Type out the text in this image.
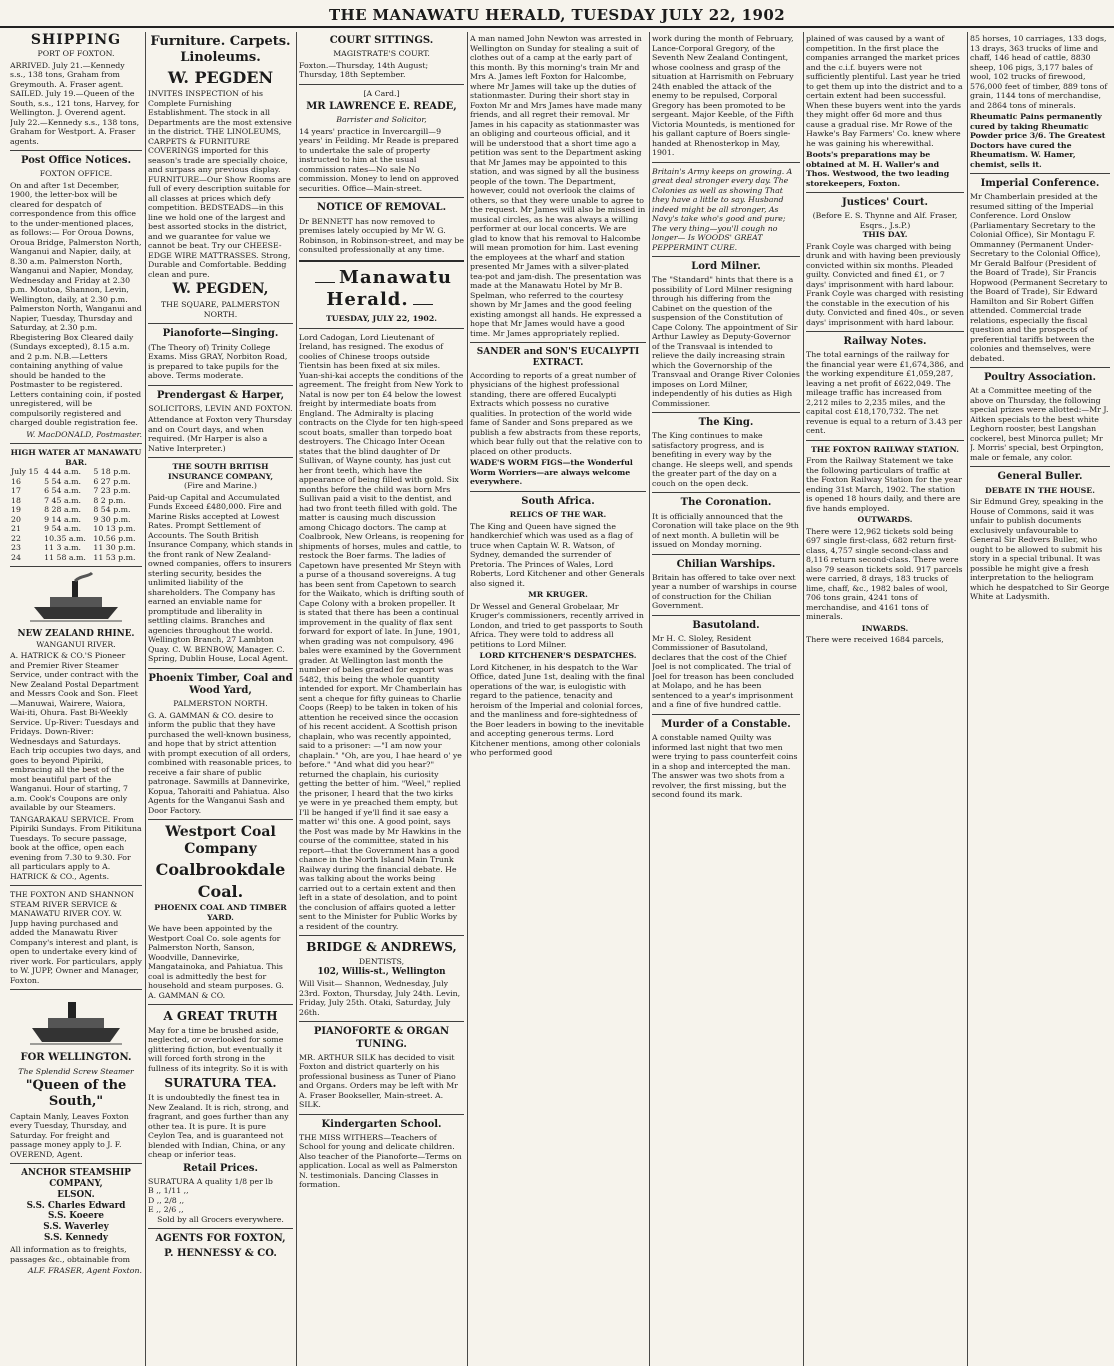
THE MANAWATU HERALD, TUESDAY JULY 22, 1902
SHIPPING
PORT OF FOXTON.

ARRIVED. July 21.—Kennedy s.s., 138 tons, Graham from Greymouth. A. Fraser agent. SAILED. July 19.—Queen of the South, s.s., 121 tons, Harvey, for Wellington. J. Overend agent. July 22.—Kennedy s.s., 138 tons, Graham for Westport. A. Fraser agents.

Post Office Notices.
FOXTON OFFICE.

On and after 1st December, 1900, the letter-box will be cleared for despatch of correspondence from this office to the under-mentioned places, as follows:— For Oroua Downs, Oroua Bridge, Palmerston North, Wanganui and Napier, daily, at 8.30 a.m. Palmerston North, Wanganui and Napier, Monday, Wednesday and Friday at 2.30 p.m. Moutoa, Shannon, Levin, Wellington, daily, at 2.30 p.m. Palmerston North, Wanganui and Napier, Tuesday, Thursday and Saturday, at 2.30 p.m. Rbegistering Box Cleared daily (Sundays excepted), 8.15 a.m. and 2 p.m. N.B.—Letters containing anything of value should be handed to the Postmaster to be registered. Letters containing coin, if posted unregistered, will be compulsorily registered and charged double registration fee.

W. MacDONALD, Postmaster.
HIGH WATER AT MANAWATU BAR.
July 15	4 44 a.m.	5 18 p.m.
16	5 54 a.m.	6 27 p.m.
17	6 54 a.m.	7 23 p.m.
18	7 45 a.m.	8 2 p.m.
19	8 28 a.m.	8 54 p.m.
20	9 14 a.m.	9 30 p.m.
21	9 54 a.m.	10 13 p.m.
22	10.35 a.m.	10.56 p.m.
23	11 3 a.m.	11 30 p.m.
24	11 58 a.m.	11 53 p.m.
NEW ZEALAND RHINE.
WANGANUI RIVER.

A. HATRICK & CO.'S Pioneer and Premier River Steamer Service, under contract with the New Zealand Postal Department and Messrs Cook and Son. Fleet—Manuwai, Wairere, Waiora, Wai-iti, Ohura. Fast Bi-Weekly Service. Up-River: Tuesdays and Fridays. Down-River: Wednesdays and Saturdays. Each trip occupies two days, and goes to beyond Pipiriki, embracing all the best of the most beautiful part of the Wanganui. Hour of starting, 7 a.m. Cook's Coupons are only available by our Steamers.

TANGARAKAU SERVICE. From Pipiriki Sundays. From Pitikituna Tuesdays. To secure passage, book at the office, open each evening from 7.30 to 9.30. For all particulars apply to A. HATRICK & CO., Agents.

THE FOXTON AND SHANNON STEAM RIVER SERVICE & MANAWATU RIVER COY. W. Jupp having purchased and added the Manawatu River Company's interest and plant, is open to undertake every kind of river work. For particulars, apply to W. JUPP, Owner and Manager, Foxton.

FOR WELLINGTON.
The Splendid Screw Steamer
"Queen of the South,"

Captain Manly, Leaves Foxton every Tuesday, Thursday, and Saturday. For freight and passage money apply to J. F. OVEREND, Agent.

ANCHOR STEAMSHIP COMPANY,
ELSON.
S.S. Charles Edward
S.S. Koeere
S.S. Waverley
S.S. Kennedy

All information as to freights, passages &c., obtainable from

ALF. FRASER, Agent Foxton.
Furniture. Carpets. Linoleums.
W. PEGDEN

INVITES INSPECTION of his Complete Furnishing Establishment. The stock in all Departments are the most extensive in the district. THE LINOLEUMS, CARPETS & FURNITURE COVERINGS imported for this season's trade are specially choice, and surpass any previous display. FURNITURE—Our Show Rooms are full of every description suitable for all classes at prices which defy competition. BEDSTEADS—in this line we hold one of the largest and best assorted stocks in the district, and we guarantee for value we cannot be beat. Try our CHEESE-EDGE WIRE MATTRASSES. Strong, Durable and Comfortable. Bedding clean and pure.

W. PEGDEN,
THE SQUARE, PALMERSTON NORTH.
Pianoforte—Singing.

(The Theory of) Trinity College Exams. Miss GRAY, Norbiton Road, is prepared to take pupils for the above. Terms moderate.

Prendergast & Harper,
SOLICITORS, LEVIN AND FOXTON.

Attendance at Foxton very Thursday and on Court days, and when required. (Mr Harper is also a Native Interpreter.)

THE SOUTH BRITISH INSURANCE COMPANY,
(Fire and Marine.)

Paid-up Capital and Accumulated Funds Exceed £480,000. Fire and Marine Risks accepted at Lowest Rates. Prompt Settlement of Accounts. The South British Insurance Company, which stands in the front rank of New Zealand-owned companies, offers to insurers sterling security, besides the unlimited liability of the shareholders. The Company has earned an enviable name for promptitude and liberality in settling claims. Branches and agencies throughout the world. Wellington Branch, 27 Lambton Quay. C. W. BENBOW, Manager. C. Spring, Dublin House, Local Agent.

Phoenix Timber, Coal and Wood Yard,
PALMERSTON NORTH.

G. A. GAMMAN & CO. desire to inform the public that they have purchased the well-known business, and hope that by strict attention with prompt execution of all orders, combined with reasonable prices, to receive a fair share of public patronage. Sawmills at Dannevirke, Kopua, Tahoraiti and Pahiatua. Also Agents for the Wanganui Sash and Door Factory.

Westport Coal Company
Coalbrookdale
Coal.
PHOENIX COAL AND TIMBER YARD.

We have been appointed by the Westport Coal Co. sole agents for Palmerston North, Sanson, Woodville, Dannevirke, Mangatainoka, and Pahiatua. This coal is admittedly the best for household and steam purposes. G. A. GAMMAN & CO.

A GREAT TRUTH

May for a time be brushed aside, neglected, or overlooked for some glittering fiction, but eventually it will forced forth strong in the fullness of its integrity. So it is with

SURATURA TEA.

It is undoubtedly the finest tea in New Zealand. It is rich, strong, and fragrant, and goes further than any other tea. It is pure. It is pure Ceylon Tea, and is guaranteed not blended with Indian, China, or any cheap or inferior teas.

Retail Prices.
SURATURA A quality 1/8 per lb
B ,, 1/11 ,,
D ,, 2/8 ,,
E ,, 2/6 ,,
Sold by all Grocers everywhere.
AGENTS FOR FOXTON,
P. HENNESSY & CO.
COURT SITTINGS.
MAGISTRATE'S COURT.

Foxton.—Thursday, 14th August; Thursday, 18th September.

[A Card.]
MR LAWRENCE E. READE,
Barrister and Solicitor,

14 years' practice in Invercargill—9 years' in Feilding. Mr Reade is prepared to undertake the sale of property instructed to him at the usual commission rates—No sale No commission. Money to lend on approved securities. Office—Main-street.

NOTICE OF REMOVAL.

Dr BENNETT has now removed to premises lately occupied by Mr W. G. Robinson, in Robinson-street, and may be consulted professionally at any time.

Manawatu Herald.
TUESDAY, JULY 22, 1902.

Lord Cadogan, Lord Lieutenant of Ireland, has resigned. The exodus of coolies of Chinese troops outside Tientsin has been fixed at six miles. Yuan-shi-kai accepts the conditions of the agreement. The freight from New York to Natal is now per ton £4 below the lowest freight by intermediate boats from England. The Admiralty is placing contracts on the Clyde for ten high-speed scout boats, smaller than torpedo boat destroyers. The Chicago Inter Ocean states that the blind daughter of Dr Sullivan, of Wayne county, has just cut her front teeth, which have the appearance of being filled with gold. Six months before the child was born Mrs Sullivan paid a visit to the dentist, and had two front teeth filled with gold. The matter is causing much discussion among Chicago doctors. The camp at Coalbrook, New Orleans, is reopening for shipments of horses, mules and cattle, to restock the Boer farms. The ladies of Capetown have presented Mr Steyn with a purse of a thousand sovereigns. A tug has been sent from Capetown to search for the Waikato, which is drifting south of Cape Colony with a broken propeller. It is stated that there has been a continual improvement in the quality of flax sent forward for export of late. In June, 1901, when grading was not compulsory, 496 bales were examined by the Government grader. At Wellington last month the number of bales graded for export was 5482, this being the whole quantity intended for export. Mr Chamberlain has sent a cheque for fifty guineas to Charlie Coops (Reep) to be taken in token of his attention he received since the occasion of his recent accident. A Scottish prison chaplain, who was recently appointed, said to a prisoner: —"I am now your chaplain." "Oh, are you, I hae heard o' ye before." "And what did you hear?" returned the chaplain, his curiosity getting the better of him. "Weel," replied the prisoner, I heard that the two kirks ye were in ye preached them empty, but I'll be hanged if ye'll find it sae easy a matter wi' this one. A good point, says the Post was made by Mr Hawkins in the course of the committee, stated in his report—that the Government has a good chance in the North Island Main Trunk Railway during the financial debate. He was talking about the works being carried out to a certain extent and then left in a state of desolation, and to point the conclusion of affairs quoted a letter sent to the Minister for Public Works by a resident of the country.

BRIDGE & ANDREWS,
DENTISTS,
102, Willis-st., Wellington

Will Visit— Shannon, Wednesday, July 23rd. Foxton, Thursday, July 24th. Levin, Friday, July 25th. Otaki, Saturday, July 26th.

PIANOFORTE & ORGAN TUNING.

MR. ARTHUR SILK has decided to visit Foxton and district quarterly on his professional business as Tuner of Piano and Organs. Orders may be left with Mr A. Fraser Bookseller, Main-street. A. SILK.

Kindergarten School.

THE MISS WITHERS—Teachers of School for young and delicate children. Also teacher of the Pianoforte—Terms on application. Local as well as Palmerston N. testimonials. Dancing Classes in formation.

A man named John Newton was arrested in Wellington on Sunday for stealing a suit of clothes out of a camp at the early part of this month. By this morning's train Mr and Mrs A. James left Foxton for Halcombe, where Mr James will take up the duties of stationmaster. During their short stay in Foxton Mr and Mrs James have made many friends, and all regret their removal. Mr James in his capacity as stationmaster was an obliging and courteous official, and it will be understood that a short time ago a petition was sent to the Department asking that Mr James may be appointed to this station, and was signed by all the business people of the town. The Department, however, could not overlook the claims of others, so that they were unable to agree to the request. Mr James will also be missed in musical circles, as he was always a willing performer at our local concerts. We are glad to know that his removal to Halcombe will mean promotion for him. Last evening the employees at the wharf and station presented Mr James with a silver-plated tea-pot and jam-dish. The presentation was made at the Manawatu Hotel by Mr B. Spelman, who referred to the courtesy shown by Mr James and the good feeling existing amongst all hands. He expressed a hope that Mr James would have a good time. Mr James appropriately replied.

SANDER and SON'S EUCALYPTI EXTRACT.

According to reports of a great number of physicians of the highest professional standing, there are offered Eucalypti Extracts which possess no curative qualities. In protection of the world wide fame of Sander and Sons prepared as we publish a few abstracts from these reports, which bear fully out that the relative con to placed on other products.

WADE'S WORM FIGS—the Wonderful Worm Worriers—are always welcome everywhere.

South Africa.
RELICS OF THE WAR.

The King and Queen have signed the handkerchief which was used as a flag of truce when Captain W. R. Watson, of Sydney, demanded the surrender of Pretoria. The Princes of Wales, Lord Roberts, Lord Kitchener and other Generals also signed it.

MR KRUGER.

Dr Wessel and General Grobelaar, Mr Kruger's commissioners, recently arrived in London, and tried to get passports to South Africa. They were told to address all petitions to Lord Milner.

LORD KITCHENER'S DESPATCHES.

Lord Kitchener, in his despatch to the War Office, dated June 1st, dealing with the final operations of the war, is eulogistic with regard to the patience, tenacity and heroism of the Imperial and colonial forces, and the manliness and fore-sightedness of the Boer leaders in bowing to the inevitable and accepting generous terms. Lord Kitchener mentions, among other colonials who performed good

work during the month of February, Lance-Corporal Gregory, of the Seventh New Zealand Contingent, whose coolness and grasp of the situation at Harrismith on February 24th enabled the attack of the enemy to be repulsed, Corporal Gregory has been promoted to be sergeant. Major Keeble, of the Fifth Victoria Mounteds, is mentioned for his gallant capture of Boers single-handed at Rhenosterkop in May, 1901.

Britain's Army keeps on growing. A great deal stronger every day. The Colonies as well as showing That they have a little to say. Husband indeed might be all stronger, As Navy's take who's good and pure; The very thing—you'll cough no longer— Is WOODS' GREAT PEPPERMINT CURE.

Lord Milner.

The "Standard" hints that there is a possibility of Lord Milner resigning through his differing from the Cabinet on the question of the suspension of the Constitution of Cape Colony. The appointment of Sir Arthur Lawley as Deputy-Governor of the Transvaal is intended to relieve the daily increasing strain which the Governorship of the Transvaal and Orange River Colonies imposes on Lord Milner, independently of his duties as High Commissioner.

The King.

The King continues to make satisfactory progress, and is benefiting in every way by the change. He sleeps well, and spends the greater part of the day on a couch on the open deck.

The Coronation.

It is officially announced that the Coronation will take place on the 9th of next month. A bulletin will be issued on Monday morning.

Chilian Warships.

Britain has offered to take over next year a number of warships in course of construction for the Chilian Government.

Basutoland.

Mr H. C. Sloley, Resident Commissioner of Basutoland, declares that the cost of the Chief Joel is not complicated. The trial of Joel for treason has been concluded at Molapo, and he has been sentenced to a year's imprisonment and a fine of five hundred cattle.

Murder of a Constable.

A constable named Quilty was informed last night that two men were trying to pass counterfeit coins in a shop and intercepted the man. The answer was two shots from a revolver, the first missing, but the second found its mark.

plained of was caused by a want of competition. In the first place the companies arranged the market prices and the c.i.f. buyers were not sufficiently plentiful. Last year he tried to get them up into the district and to a certain extent had been successful. When these buyers went into the yards they might offer 6d more and thus cause a gradual rise. Mr Rowe of the Hawke's Bay Farmers' Co. knew where he was gaining his wherewithal.

Boots's preparations may be obtained at M. H. Waller's and Thos. Westwood, the two leading storekeepers, Foxton.

Justices' Court.
(Before E. S. Thynne and Alf. Fraser, Esqrs., J.s.P.)
THIS DAY.

Frank Coyle was charged with being drunk and with having been previously convicted within six months. Pleaded guilty. Convicted and fined £1, or 7 days' imprisonment with hard labour. Frank Coyle was charged with resisting the constable in the execution of his duty. Convicted and fined 40s., or seven days' imprisonment with hard labour.

Railway Notes.

The total earnings of the railway for the financial year were £1,674,386, and the working expenditure £1,059,287, leaving a net profit of £622,049. The mileage traffic has increased from 2,212 miles to 2,235 miles, and the capital cost £18,170,732. The net revenue is equal to a return of 3.43 per cent.

THE FOXTON RAILWAY STATION.

From the Railway Statement we take the following particulars of traffic at the Foxton Railway Station for the year ending 31st March, 1902. The station is opened 18 hours daily, and there are five hands employed.

OUTWARDS.

There were 12,962 tickets sold being 697 single first-class, 682 return first-class, 4,757 single second-class and 8,116 return second-class. There were also 79 season tickets sold. 917 parcels were carried, 8 drays, 183 trucks of lime, chaff, &c., 1982 bales of wool, 706 tons grain, 4241 tons of merchandise, and 4161 tons of minerals.

INWARDS.

There were received 1684 parcels,

85 horses, 10 carriages, 133 dogs, 13 drays, 363 trucks of lime and chaff, 146 head of cattle, 8830 sheep, 106 pigs, 3,177 bales of wool, 102 trucks of firewood, 576,000 feet of timber, 889 tons of grain, 1144 tons of merchandise, and 2864 tons of minerals.

Rheumatic Pains permanently cured by taking Rheumatic Powder price 3/6. The Greatest Doctors have cured the Rheumatism. W. Hamer, chemist, sells it.

Imperial Conference.

Mr Chamberlain presided at the resumed sitting of the Imperial Conference. Lord Onslow (Parliamentary Secretary to the Colonial Office), Sir Montagu F. Ommanney (Permanent Under-Secretary to the Colonial Office), Mr Gerald Balfour (President of the Board of Trade), Sir Francis Hopwood (Permanent Secretary to the Board of Trade), Sir Edward Hamilton and Sir Robert Giffen attended. Commercial trade relations, especially the fiscal question and the prospects of preferential tariffs between the colonies and themselves, were debated.

Poultry Association.

At a Committee meeting of the above on Thursday, the following special prizes were allotted:—Mr J. Aitken specials to the best white Leghorn rooster, best Langshan cockerel, best Minorca pullet; Mr J. Morris' special, best Orpington, male or female, any color.

General Buller.
DEBATE IN THE HOUSE.

Sir Edmund Grey, speaking in the House of Commons, said it was unfair to publish documents exclusively unfavourable to General Sir Redvers Buller, who ought to be allowed to submit his story in a special tribunal. It was possible he might give a fresh interpretation to the heliogram which he despatched to Sir George White at Ladysmith.
